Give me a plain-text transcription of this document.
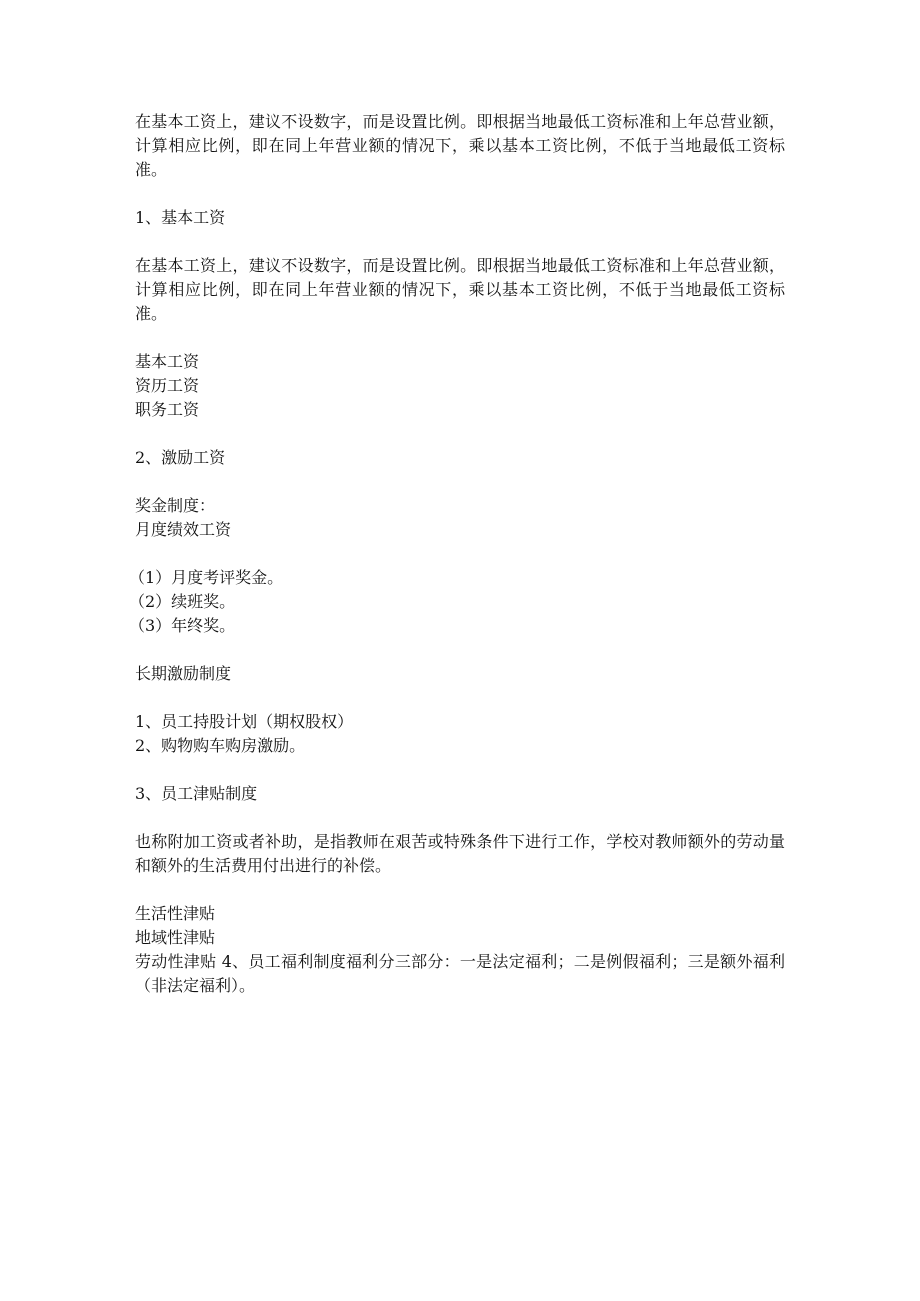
在基本工资上，建议不设数字，而是设置比例。即根据当地最低工资标准和上年总营业额，计算相应比例，即在同上年营业额的情况下，乘以基本工资比例，不低于当地最低工资标准。

1、基本工资

在基本工资上，建议不设数字，而是设置比例。即根据当地最低工资标准和上年总营业额，计算相应比例，即在同上年营业额的情况下，乘以基本工资比例，不低于当地最低工资标准。

基本工资

资历工资

职务工资

2、激励工资

奖金制度：

月度绩效工资

（1）月度考评奖金。

（2）续班奖。

（3）年终奖。

长期激励制度

1、员工持股计划（期权股权）

2、购物购车购房激励。

3、员工津贴制度

也称附加工资或者补助，是指教师在艰苦或特殊条件下进行工作，学校对教师额外的劳动量和额外的生活费用付出进行的补偿。

生活性津贴

地域性津贴

劳动性津贴 4、员工福利制度福利分三部分：一是法定福利；二是例假福利；三是额外福利（非法定福利）。
